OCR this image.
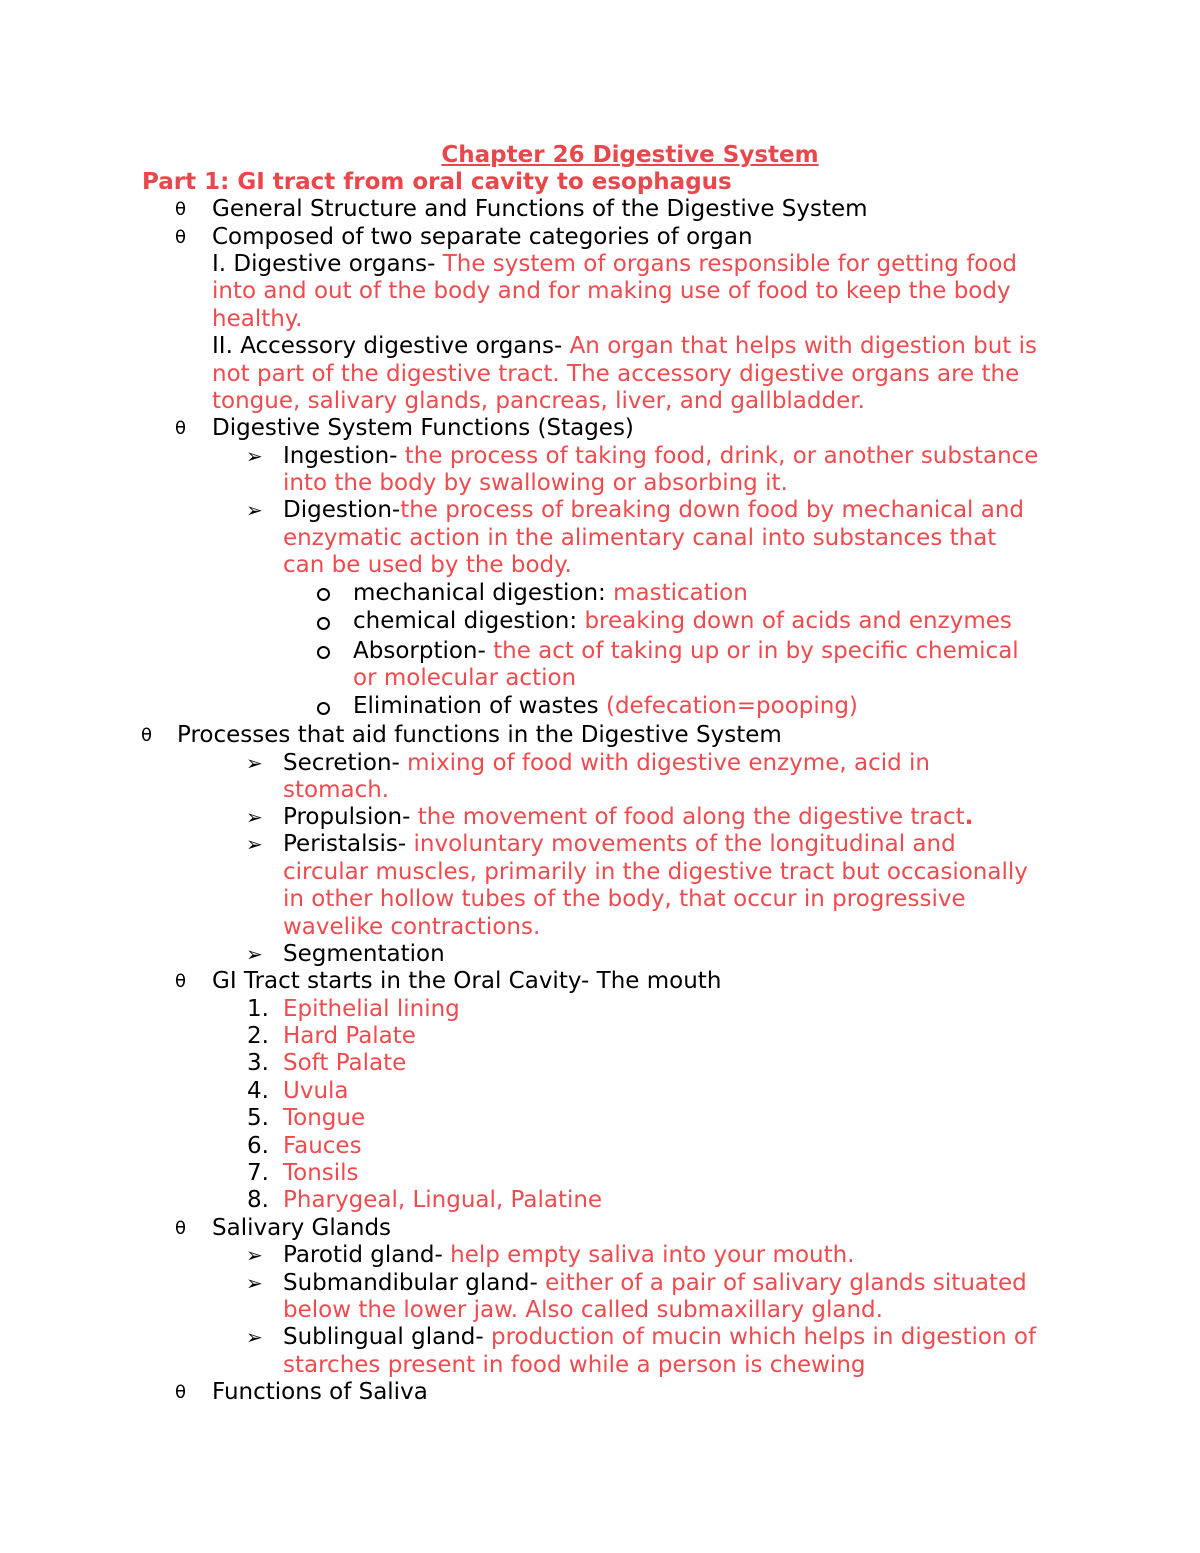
Chapter 26 Digestive System
Part 1: GI tract from oral cavity to esophagus
θ General Structure and Functions of the Digestive System
θ Composed of two separate categories of organ
I. Digestive organs- The system of organs responsible for getting food
into and out of the body and for making use of food to keep the body
healthy.
II. Accessory digestive organs- An organ that helps with digestion but is
not part of the digestive tract. The accessory digestive organs are the
tongue, salivary glands, pancreas, liver, and gallbladder.
θ Digestive System Functions (Stages)
➢ Ingestion- the process of taking food, drink, or another substance
into the body by swallowing or absorbing it.
➢ Digestion-the process of breaking down food by mechanical and
enzymatic action in the alimentary canal into substances that
can be used by the body.
mechanical digestion: mastication
chemical digestion: breaking down of acids and enzymes
Absorption- the act of taking up or in by specific chemical
or molecular action
Elimination of wastes (defecation=pooping)
θ Processes that aid functions in the Digestive System
➢ Secretion- mixing of food with digestive enzyme, acid in
stomach.
➢ Propulsion- the movement of food along the digestive tract.
➢ Peristalsis- involuntary movements of the longitudinal and
circular muscles, primarily in the digestive tract but occasionally
in other hollow tubes of the body, that occur in progressive
wavelike contractions.
➢ Segmentation
θ GI Tract starts in the Oral Cavity- The mouth
1. Epithelial lining
2. Hard Palate
3. Soft Palate
4. Uvula
5. Tongue
6. Fauces
7. Tonsils
8. Pharygeal, Lingual, Palatine
θ Salivary Glands
➢ Parotid gland- help empty saliva into your mouth.
➢ Submandibular gland- either of a pair of salivary glands situated
below the lower jaw. Also called submaxillary gland.
➢ Sublingual gland- production of mucin which helps in digestion of
starches present in food while a person is chewing
θ Functions of Saliva
